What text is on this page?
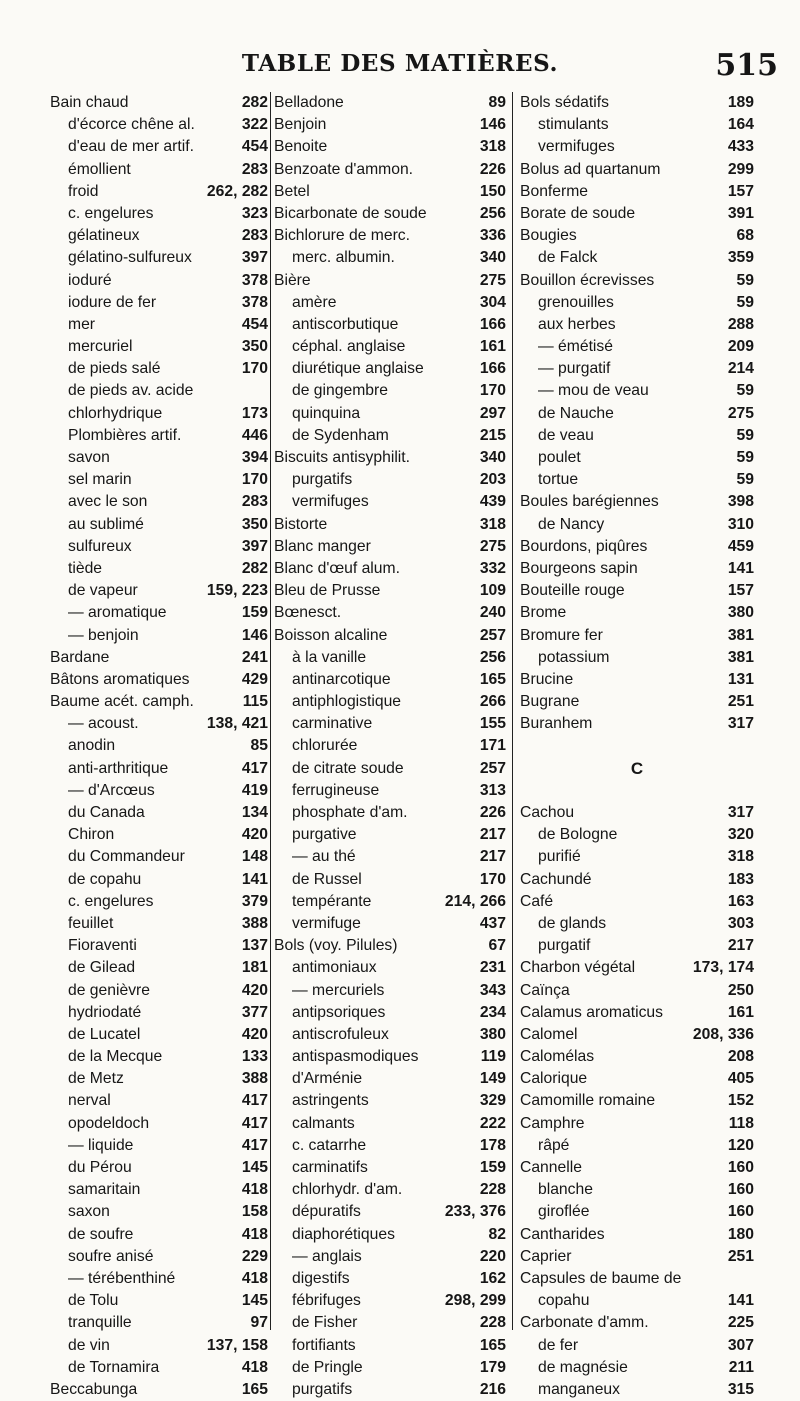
TABLE DES MATIÈRES.	515
Bain chaud	282
d'écorce chêne al.	322
d'eau de mer artif.	454
émollient	283
froid	262, 282
c. engelures	323
gélatineux	283
gélatino-sulfureux	397
ioduré	378
iodure de fer	378
mer	454
mercuriel	350
de pieds salé	170
de pieds av. acide
chlorhydrique	173
Plombières artif.	446
savon	394
sel marin	170
avec le son	283
au sublimé	350
sulfureux	397
tiède	282
de vapeur	159, 223
— aromatique	159
— benjoin	146
Bardane	241
Bâtons aromatiques	429
Baume acét. camph.	115
— acoust.	138, 421
anodin	85
anti-arthritique	417
— d'Arcœus	419
du Canada	134
Chiron	420
du Commandeur	148
de copahu	141
c. engelures	379
feuillet	388
Fioraventi	137
de Gilead	181
de genièvre	420
hydriodaté	377
de Lucatel	420
de la Mecque	133
de Metz	388
nerval	417
opodeldoch	417
— liquide	417
du Pérou	145
samaritain	418
saxon	158
de soufre	418
soufre anisé	229
— térébenthiné	418
de Tolu	145
tranquille	97
de vin	137, 158
de Tornamira	418
Beccabunga	165
Belladone	89
Benjoin	146
Benoite	318
Benzoate d'ammon.	226
Betel	150
Bicarbonate de soude	256
Bichlorure de merc.	336
merc. albumin.	340
Bière	275
amère	304
antiscorbutique	166
céphal. anglaise	161
diurétique anglaise	166
de gingembre	170
quinquina	297
de Sydenham	215
Biscuits antisyphilit.	340
purgatifs	203
vermifuges	439
Bistorte	318
Blanc manger	275
Blanc d'œuf alum.	332
Bleu de Prusse	109
Bœnesct.	240
Boisson alcaline	257
à la vanille	256
antinarcotique	165
antiphlogistique	266
carminative	155
chlorurée	171
de citrate soude	257
ferrugineuse	313
phosphate d'am.	226
purgative	217
— au thé	217
de Russel	170
tempérante	214, 266
vermifuge	437
Bols (voy. Pilules)	67
antimoniaux	231
— mercuriels	343
antipsoriques	234
antiscrofuleux	380
antispasmodiques	119
d'Arménie	149
astringents	329
calmants	222
c. catarrhe	178
carminatifs	159
chlorhydr. d'am.	228
dépuratifs	233, 376
diaphorétiques	82
— anglais	220
digestifs	162
fébrifuges	298, 299
de Fisher	228
fortifiants	165
de Pringle	179
purgatifs	216
Bols sédatifs	189
stimulants	164
vermifuges	433
Bolus ad quartanum	299
Bonferme	157
Borate de soude	391
Bougies	68
de Falck	359
Bouillon écrevisses	59
grenouilles	59
aux herbes	288
— émétisé	209
— purgatif	214
— mou de veau	59
de Nauche	275
de veau	59
poulet	59
tortue	59
Boules barégiennes	398
de Nancy	310
Bourdons, piqûres	459
Bourgeons sapin	141
Bouteille rouge	157
Brome	380
Bromure fer	381
potassium	381
Brucine	131
Bugrane	251
Buranhem	317
C
Cachou	317
de Bologne	320
purifié	318
Cachundé	183
Café	163
de glands	303
purgatif	217
Charbon végétal	173, 174
Caïnça	250
Calamus aromaticus	161
Calomel	208, 336
Calomélas	208
Calorique	405
Camomille romaine	152
Camphre	118
râpé	120
Cannelle	160
blanche	160
giroflée	160
Cantharides	180
Caprier	251
Capsules de baume de
copahu	141
Carbonate d'amm.	225
de fer	307
de magnésie	211
manganeux	315
